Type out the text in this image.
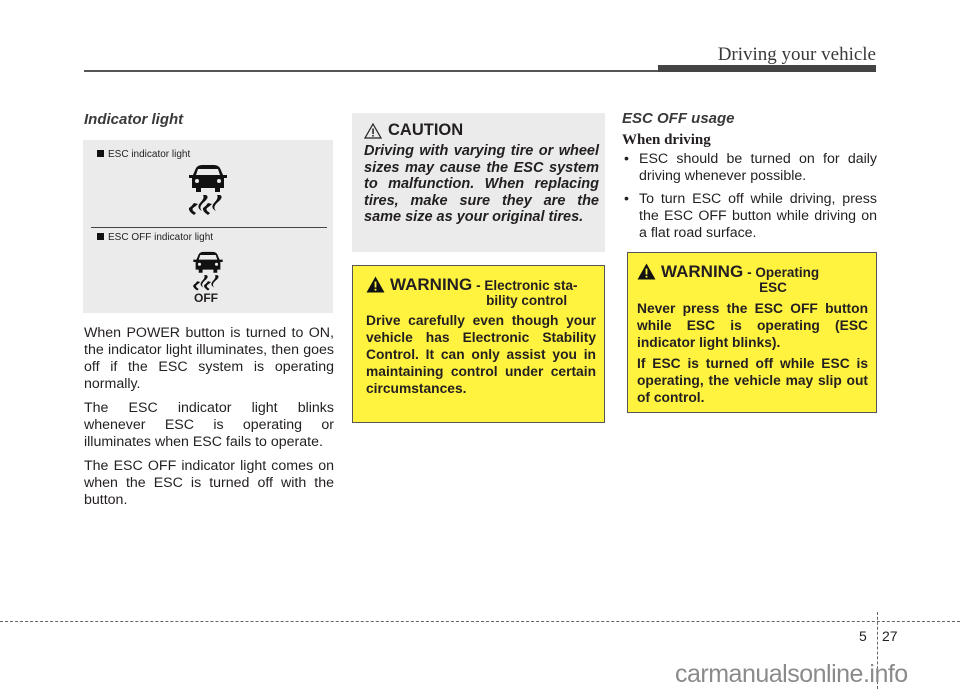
Driving your vehicle
Indicator light
ESC indicator light
ESC OFF indicator light
OFF

When POWER button is turned to ON, the indicator light illuminates, then goes off if the ESC system is operating normally.

The ESC indicator light blinks whenever ESC is operating or illuminates when ESC fails to operate.

The ESC OFF indicator light comes on when the ESC is turned off with the button.

CAUTION
Driving with varying tire or wheel sizes may cause the ESC system to malfunction. When replacing tires, make sure they are the same size as your original tires.
WARNING - Electronic sta-
bility control
Drive carefully even though your vehicle has Electronic Stability Control. It can only assist you in maintaining control under certain circumstances.
ESC OFF usage
When driving
• ESC should be turned on for daily driving whenever possible.
• To turn ESC off while driving, press the ESC OFF button while driving on a flat road surface.
WARNING - Operating
ESC

Never press the ESC OFF button while ESC is operating (ESC indicator light blinks).

If ESC is turned off while ESC is operating, the vehicle may slip out of control.

5 27
carmanualsonline.info
